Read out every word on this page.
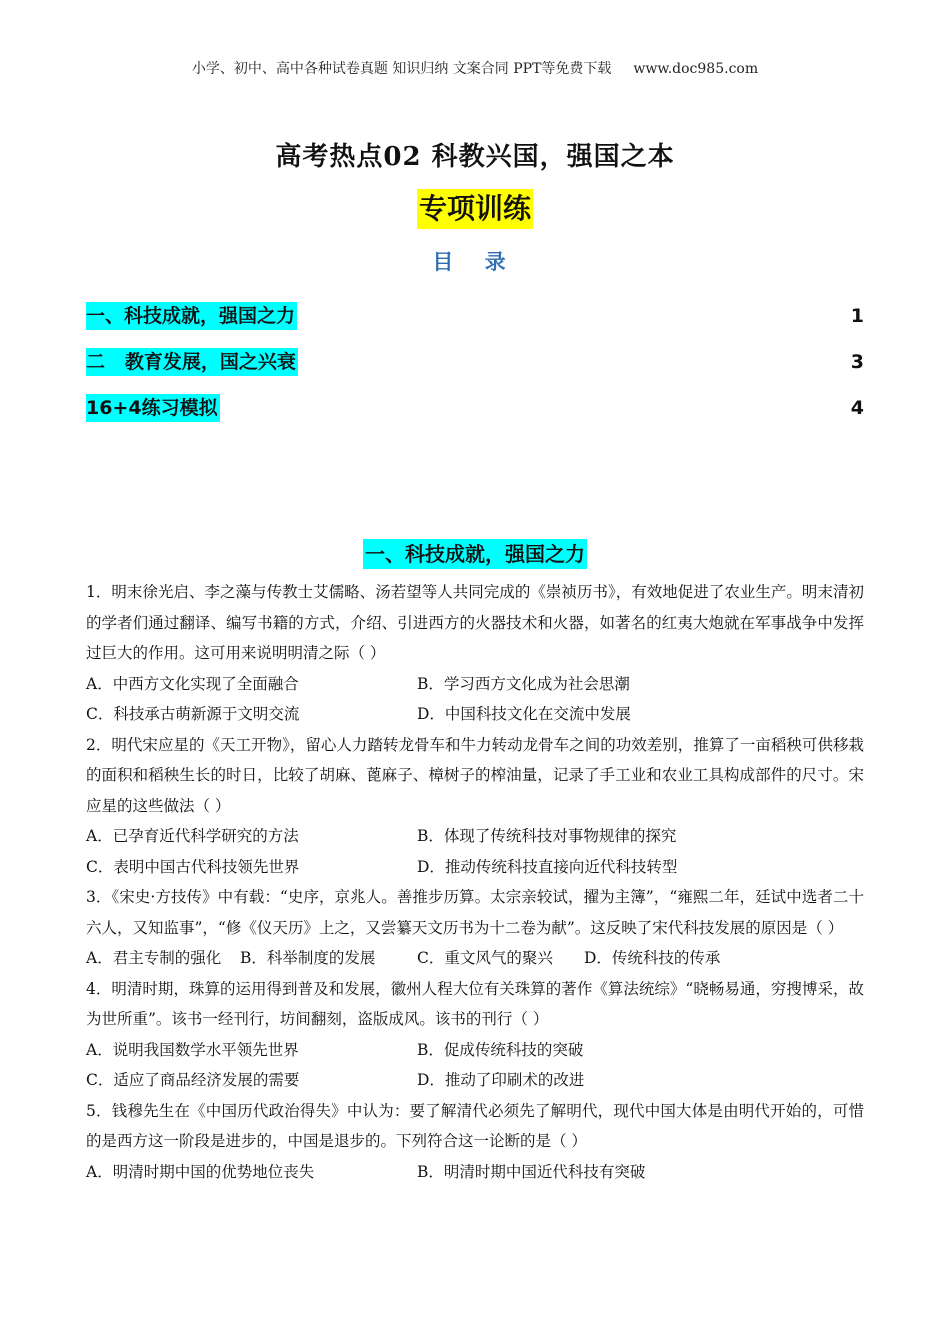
小学、初中、高中各种试卷真题 知识归纳 文案合同 PPT等免费下载 www.doc985.com
高考热点02 科教兴国，强国之本
专项训练
目 录
一、科技成就，强国之力	1
二   教育发展，国之兴衰	3
16+4练习模拟	4
一、科技成就，强国之力

1．明末徐光启、李之藻与传教士艾儒略、汤若望等人共同完成的《崇祯历书》，有效地促进了农业生产。明末清初的学者们通过翻译、编写书籍的方式，介绍、引进西方的火器技术和火器，如著名的红夷大炮就在军事战争中发挥过巨大的作用。这可用来说明明清之际（ ）

A．中西方文化实现了全面融合	B．学习西方文化成为社会思潮
C．科技承古萌新源于文明交流	D．中国科技文化在交流中发展

2．明代宋应星的《天工开物》，留心人力踏转龙骨车和牛力转动龙骨车之间的功效差别，推算了一亩稻秧可供移栽的面积和稻秧生长的时日，比较了胡麻、蓖麻子、樟树子的榨油量，记录了手工业和农业工具构成部件的尺寸。宋应星的这些做法（ ）

A．已孕育近代科学研究的方法	B．体现了传统科技对事物规律的探究
C．表明中国古代科技领先世界	D．推动传统科技直接向近代科技转型

3．《宋史·方技传》中有载：“史序，京兆人。善推步历算。太宗亲较试，擢为主簿”，“雍熙二年，廷试中选者二十六人，又知监事”，“修《仪天历》上之，又尝纂天文历书为十二卷为献”。这反映了宋代科技发展的原因是（ ）

A．君主专制的强化	B．科举制度的发展	C．重文风气的聚兴	D．传统科技的传承

4．明清时期，珠算的运用得到普及和发展，徽州人程大位有关珠算的著作《算法统综》“晓畅易通，穷搜博采，故为世所重”。该书一经刊行，坊间翻刻，盗版成风。该书的刊行（ ）

A．说明我国数学水平领先世界	B．促成传统科技的突破
C．适应了商品经济发展的需要	D．推动了印刷术的改进

5．钱穆先生在《中国历代政治得失》中认为：要了解清代必须先了解明代，现代中国大体是由明代开始的，可惜的是西方这一阶段是进步的，中国是退步的。下列符合这一论断的是（ ）

A．明清时期中国的优势地位丧失	B．明清时期中国近代科技有突破
